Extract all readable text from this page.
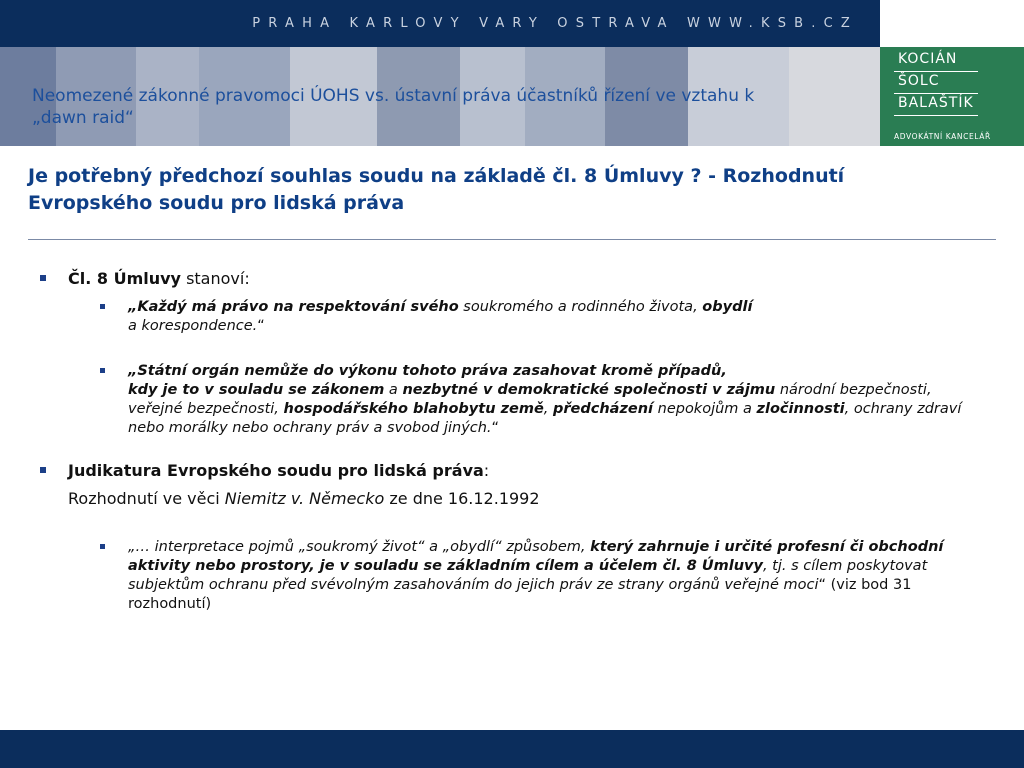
PRAHA KARLOVY VARY OSTRAVA WWW.KSB.CZ
KOCIÁN
ŠOLC
BALAŠTÍK
ADVOKÁTNÍ KANCELÁŘ
Neomezené zákonné pravomoci ÚOHS vs. ústavní práva účastníků řízení ve vztahu k „dawn raid“
Je potřebný předchozí souhlas soudu na základě čl. 8 Úmluvy ? - Rozhodnutí Evropského soudu pro lidská práva
Čl. 8 Úmluvy stanoví:
„Každý má právo na respektování svého soukromého a rodinného života, obydlí
a korespondence.“
„Státní orgán nemůže do výkonu tohoto práva zasahovat kromě případů,
kdy je to v souladu se zákonem a nezbytné v demokratické společnosti v zájmu národní bezpečnosti, veřejné bezpečnosti, hospodářského blahobytu země, předcházení nepokojům a zločinnosti, ochrany zdraví nebo morálky nebo ochrany práv a svobod jiných.“
Judikatura Evropského soudu pro lidská práva:
Rozhodnutí ve věci Niemitz v. Německo ze dne 16.12.1992
„… interpretace pojmů „soukromý život“ a „obydlí“ způsobem, který zahrnuje i určité profesní či obchodní aktivity nebo prostory, je v souladu se základním cílem a účelem čl. 8 Úmluvy, tj. s cílem poskytovat subjektům ochranu před svévolným zasahováním do jejich práv ze strany orgánů veřejné moci“ (viz bod 31 rozhodnutí)
